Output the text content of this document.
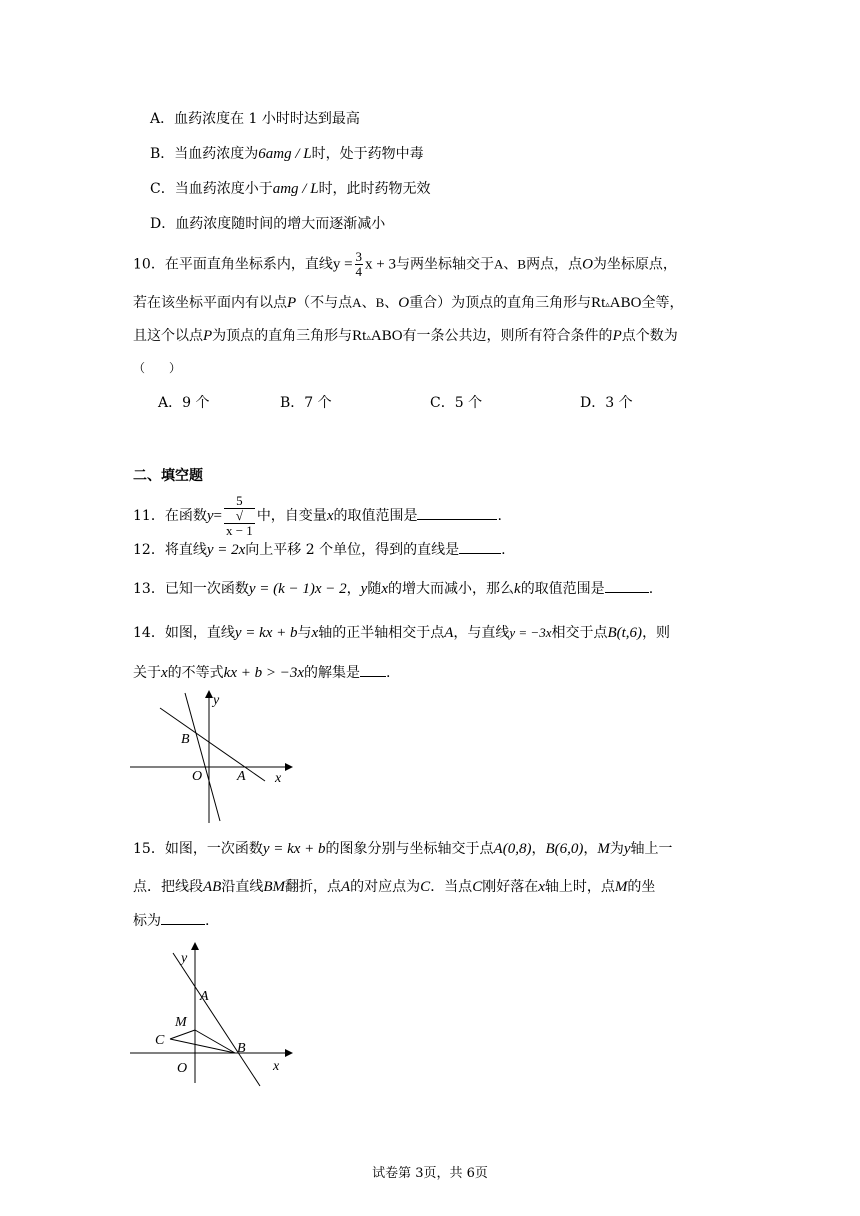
A．血药浓度在 1 小时时达到最高
B．当血药浓度为6amg / L时，处于药物中毒
C．当血药浓度小于amg / L时，此时药物无效
D．血药浓度随时间的增大而逐渐减小
10．在平面直角坐标系内，直线$y = \frac{3}{4}$ x + 3与两坐标轴交于A、B两点，点O为坐标原点，
若在该坐标平面内有以点P（不与点A、B、O重合）为顶点的直角三角形与Rt▵ABO全等，
且这个以点P为顶点的直角三角形与Rt▵ABO有一条公共边，则所有符合条件的P点个数为
（　　）
A．9 个	B．7 个	C．5 个	D．3 个
二、填空题
11．在函数y= 5
√
x − 1 中，自变量x的取值范围是	.
12．将直线y = 2x向上平移 2 个单位，得到的直线是	.
13．已知一次函数y = (k − 1)x − 2，y随x的增大而减小，那么k的取值范围是	.
14．如图，直线y = kx + b与x轴的正半轴相交于点A，与直线y = −3x相交于点B(t,6)，则
关于x的不等式kx + b > −3x的解集是 .
y
x
B
O A
15．如图，一次函数y = kx + b的图象分别与坐标轴交于点A(0,8)，B(6,0)，M为y轴上一
点．把线段AB沿直线BM翻折，点A的对应点为C．当点C刚好落在x轴上时，点M的坐
标为	.
y
x
A
M
C
B
O
试卷第 3页，共 6页
